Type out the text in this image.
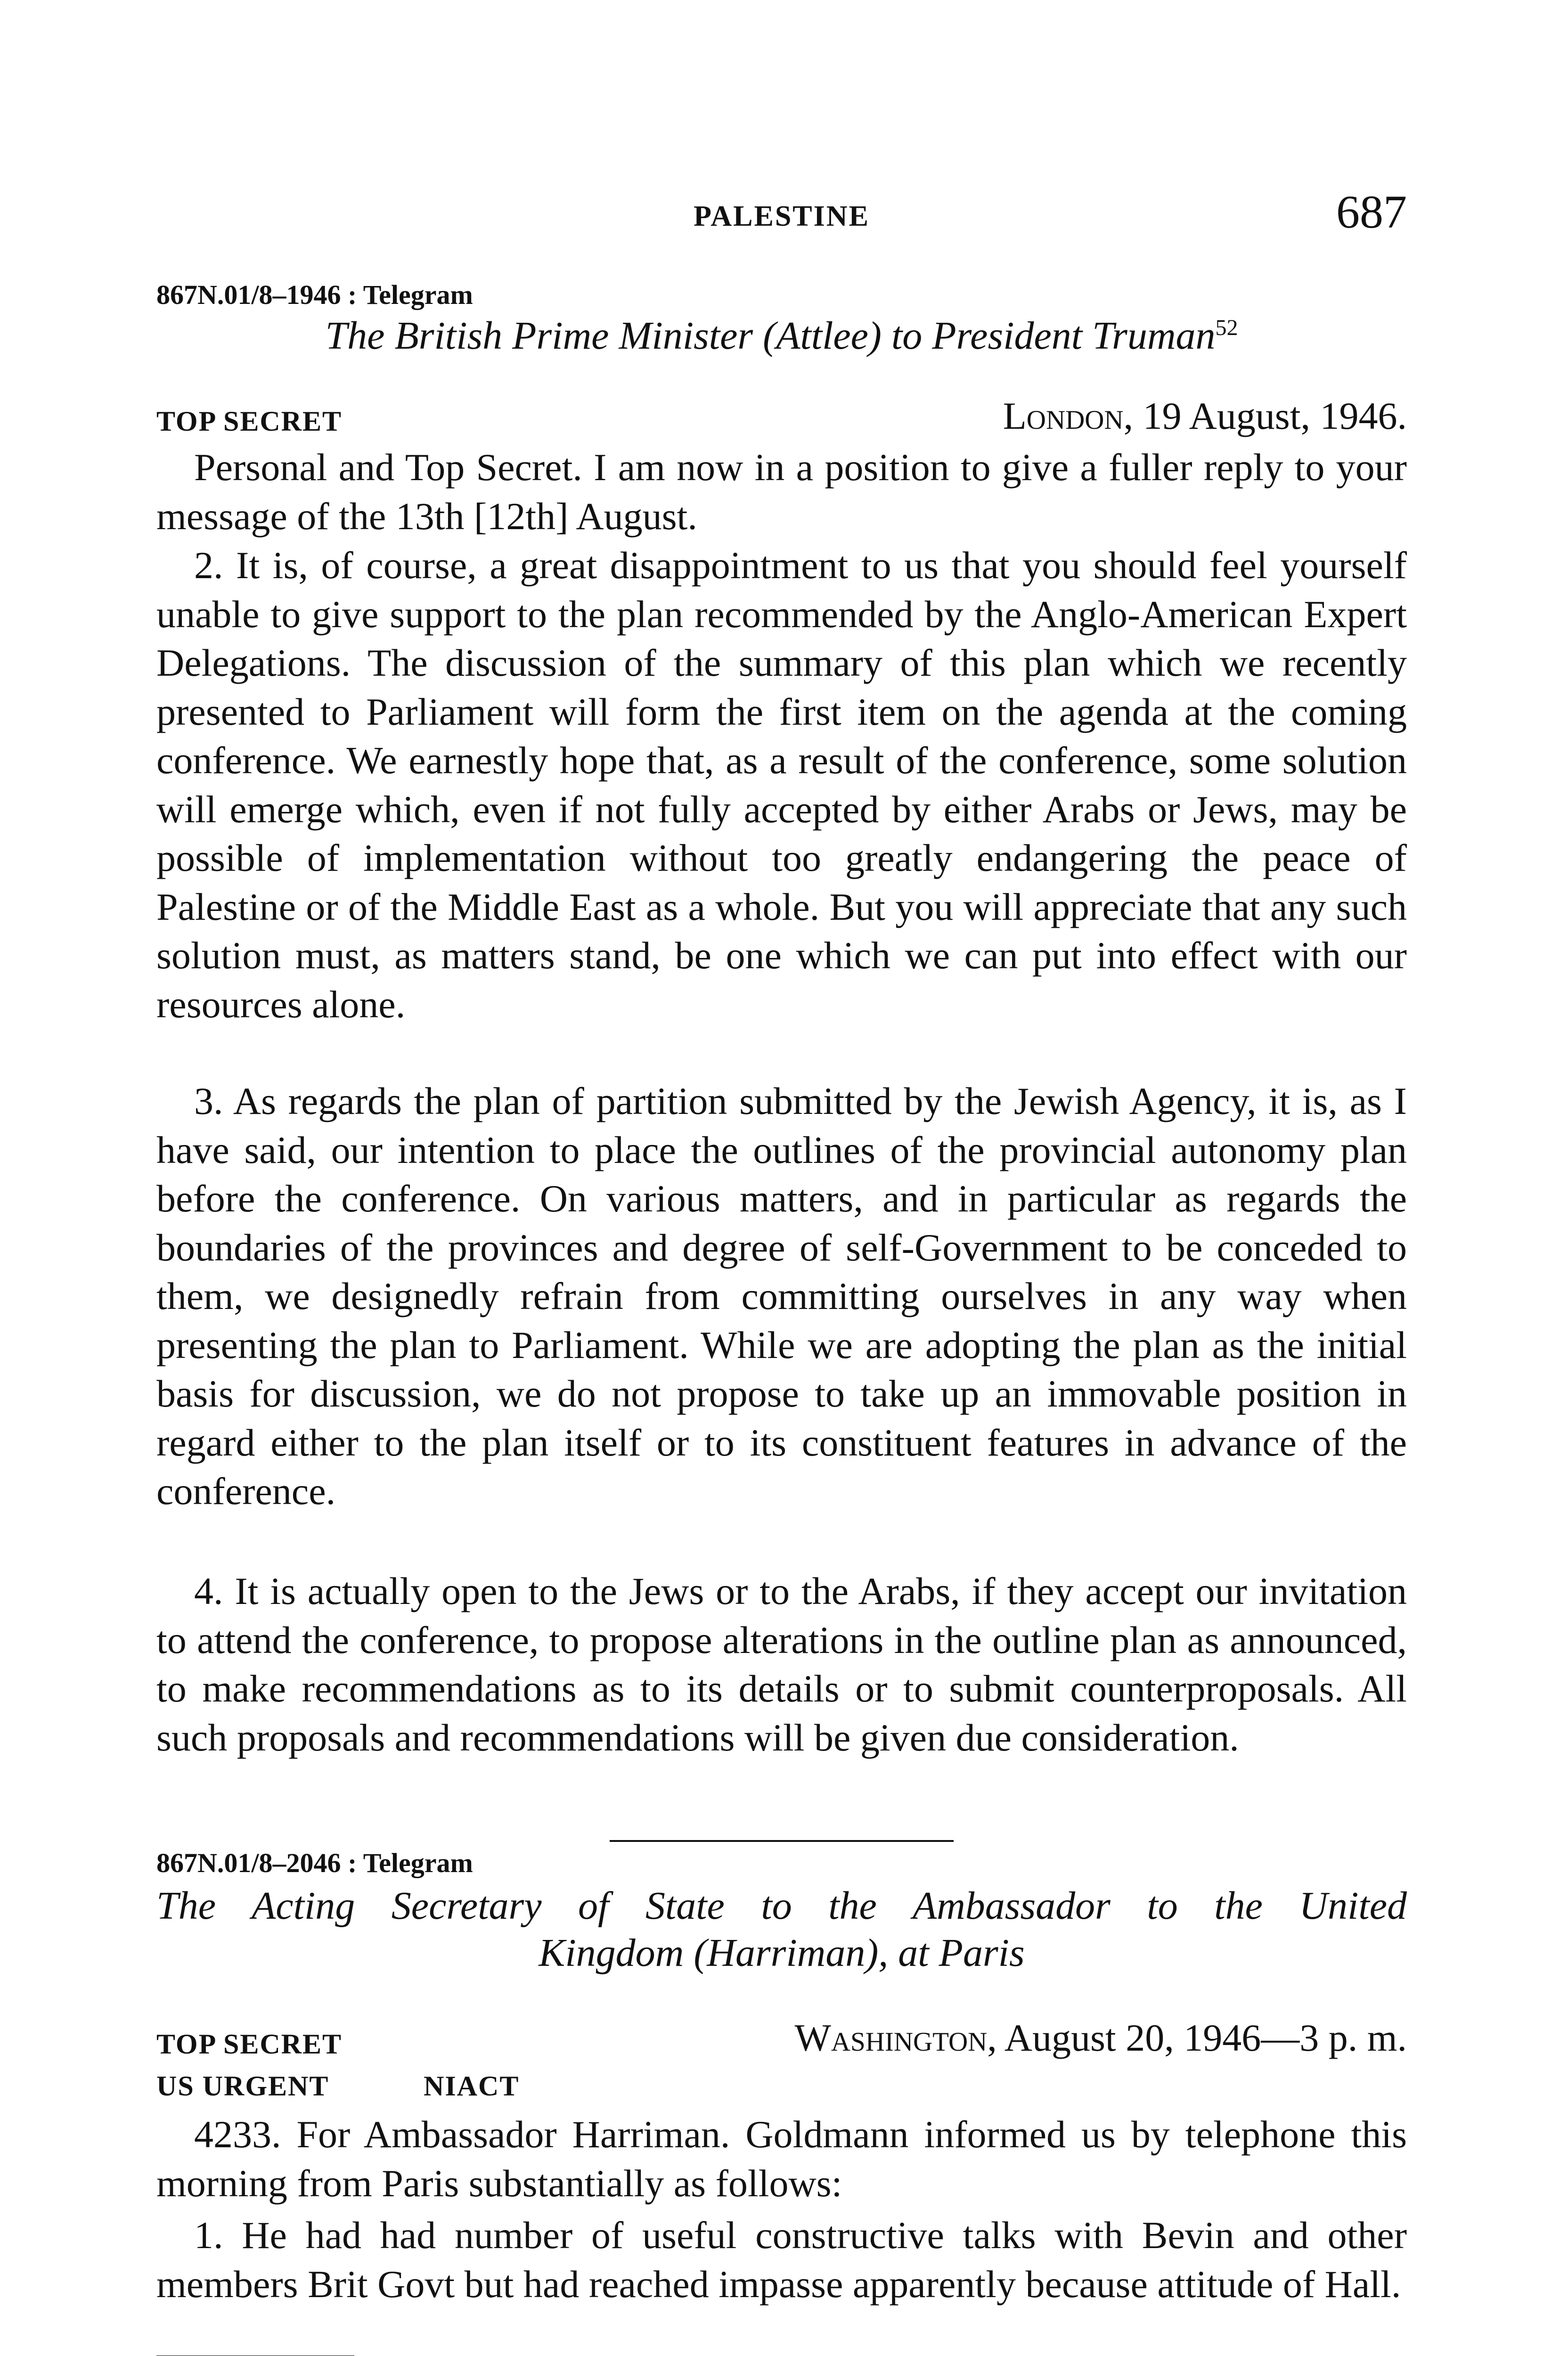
PALESTINE	687
867N.01/8–1946 : Telegram
The British Prime Minister (Attlee) to President Truman$^{52}$
TOP SECRET	London, 19 August, 1946.

Personal and Top Secret. I am now in a position to give a fuller reply to your message of the 13th [12th] August.

2. It is, of course, a great disappointment to us that you should feel yourself unable to give support to the plan recommended by the Anglo-American Expert Delegations. The discussion of the summary of this plan which we recently presented to Parliament will form the first item on the agenda at the coming conference. We earnestly hope that, as a result of the conference, some solution will emerge which, even if not fully accepted by either Arabs or Jews, may be possible of implementation without too greatly endangering the peace of Palestine or of the Middle East as a whole. But you will appreciate that any such solution must, as matters stand, be one which we can put into effect with our resources alone.

3. As regards the plan of partition submitted by the Jewish Agency, it is, as I have said, our intention to place the outlines of the provincial autonomy plan before the conference. On various matters, and in particular as regards the boundaries of the provinces and degree of self-Government to be conceded to them, we designedly refrain from committing ourselves in any way when presenting the plan to Parliament. While we are adopting the plan as the initial basis for discussion, we do not propose to take up an immovable position in regard either to the plan itself or to its constituent features in advance of the conference.

4. It is actually open to the Jews or to the Arabs, if they accept our invitation to attend the conference, to propose alterations in the outline plan as announced, to make recommendations as to its details or to submit counterproposals. All such proposals and recommendations will be given due consideration.

867N.01/8–2046 : Telegram
The Acting Secretary of State to the Ambassador to the United
Kingdom (Harriman), at Paris
TOP SECRET	Washington, August 20, 1946—3 p. m.
US URGENT	NIACT

4233. For Ambassador Harriman. Goldmann informed us by telephone this morning from Paris substantially as follows:

1. He had had number of useful constructive talks with Bevin and other members Brit Govt but had reached impasse apparently because attitude of Hall.
